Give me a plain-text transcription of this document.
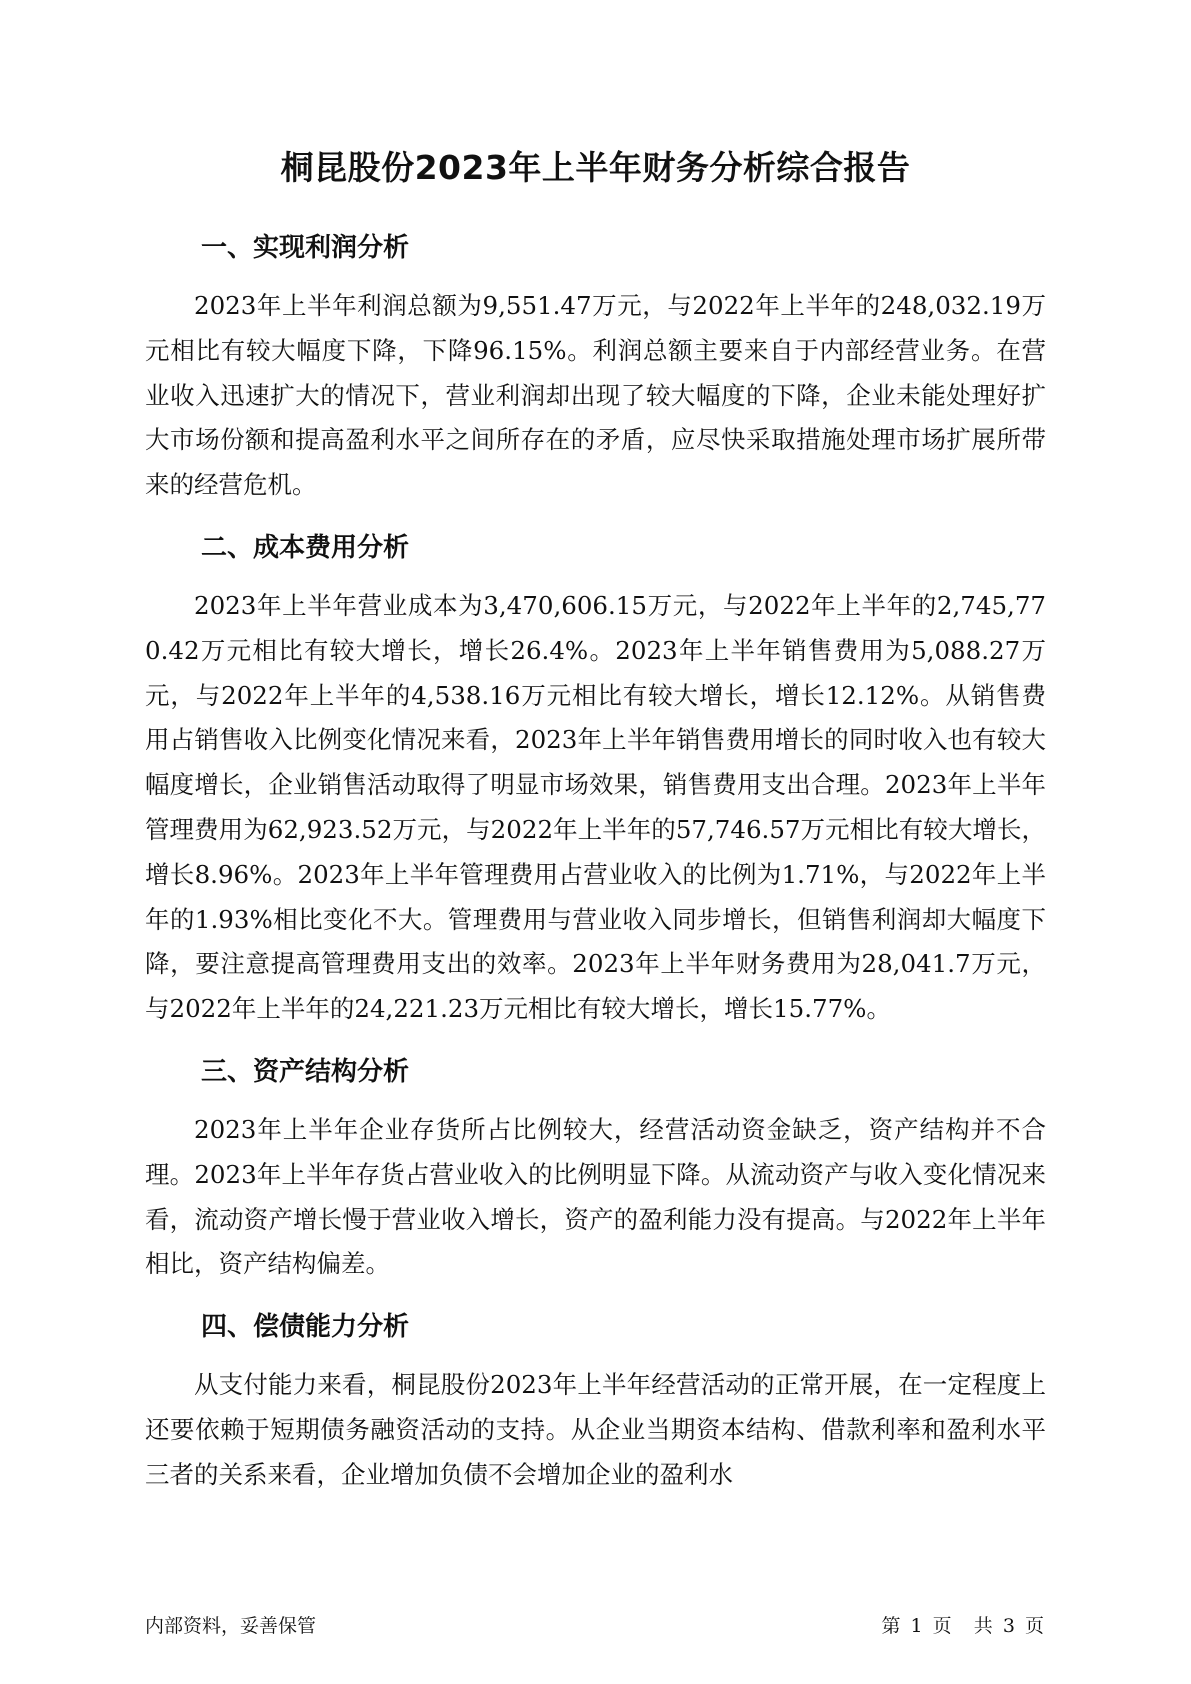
桐昆股份2023年上半年财务分析综合报告
一、实现利润分析

2023年上半年利润总额为9,551.47万元，与2022年上半年的248,032.19万元相比有较大幅度下降，下降96.15%。利润总额主要来自于内部经营业务。在营业收入迅速扩大的情况下，营业利润却出现了较大幅度的下降，企业未能处理好扩大市场份额和提高盈利水平之间所存在的矛盾，应尽快采取措施处理市场扩展所带来的经营危机。

二、成本费用分析

2023年上半年营业成本为3,470,606.15万元，与2022年上半年的2,745,770.42万元相比有较大增长，增长26.4%。2023年上半年销售费用为5,088.27万元，与2022年上半年的4,538.16万元相比有较大增长，增长12.12%。从销售费用占销售收入比例变化情况来看，2023年上半年销售费用增长的同时收入也有较大幅度增长，企业销售活动取得了明显市场效果，销售费用支出合理。2023年上半年管理费用为62,923.52万元，与2022年上半年的57,746.57万元相比有较大增长，增长8.96%。2023年上半年管理费用占营业收入的比例为1.71%，与2022年上半年的1.93%相比变化不大。管理费用与营业收入同步增长，但销售利润却大幅度下降，要注意提高管理费用支出的效率。2023年上半年财务费用为28,041.7万元，与2022年上半年的24,221.23万元相比有较大增长，增长15.77%。

三、资产结构分析

2023年上半年企业存货所占比例较大，经营活动资金缺乏，资产结构并不合理。2023年上半年存货占营业收入的比例明显下降。从流动资产与收入变化情况来看，流动资产增长慢于营业收入增长，资产的盈利能力没有提高。与2022年上半年相比，资产结构偏差。

四、偿债能力分析

从支付能力来看，桐昆股份2023年上半年经营活动的正常开展，在一定程度上还要依赖于短期债务融资活动的支持。从企业当期资本结构、借款利率和盈利水平三者的关系来看，企业增加负债不会增加企业的盈利水

内部资料，妥善保管	第 1 页 共 3 页
